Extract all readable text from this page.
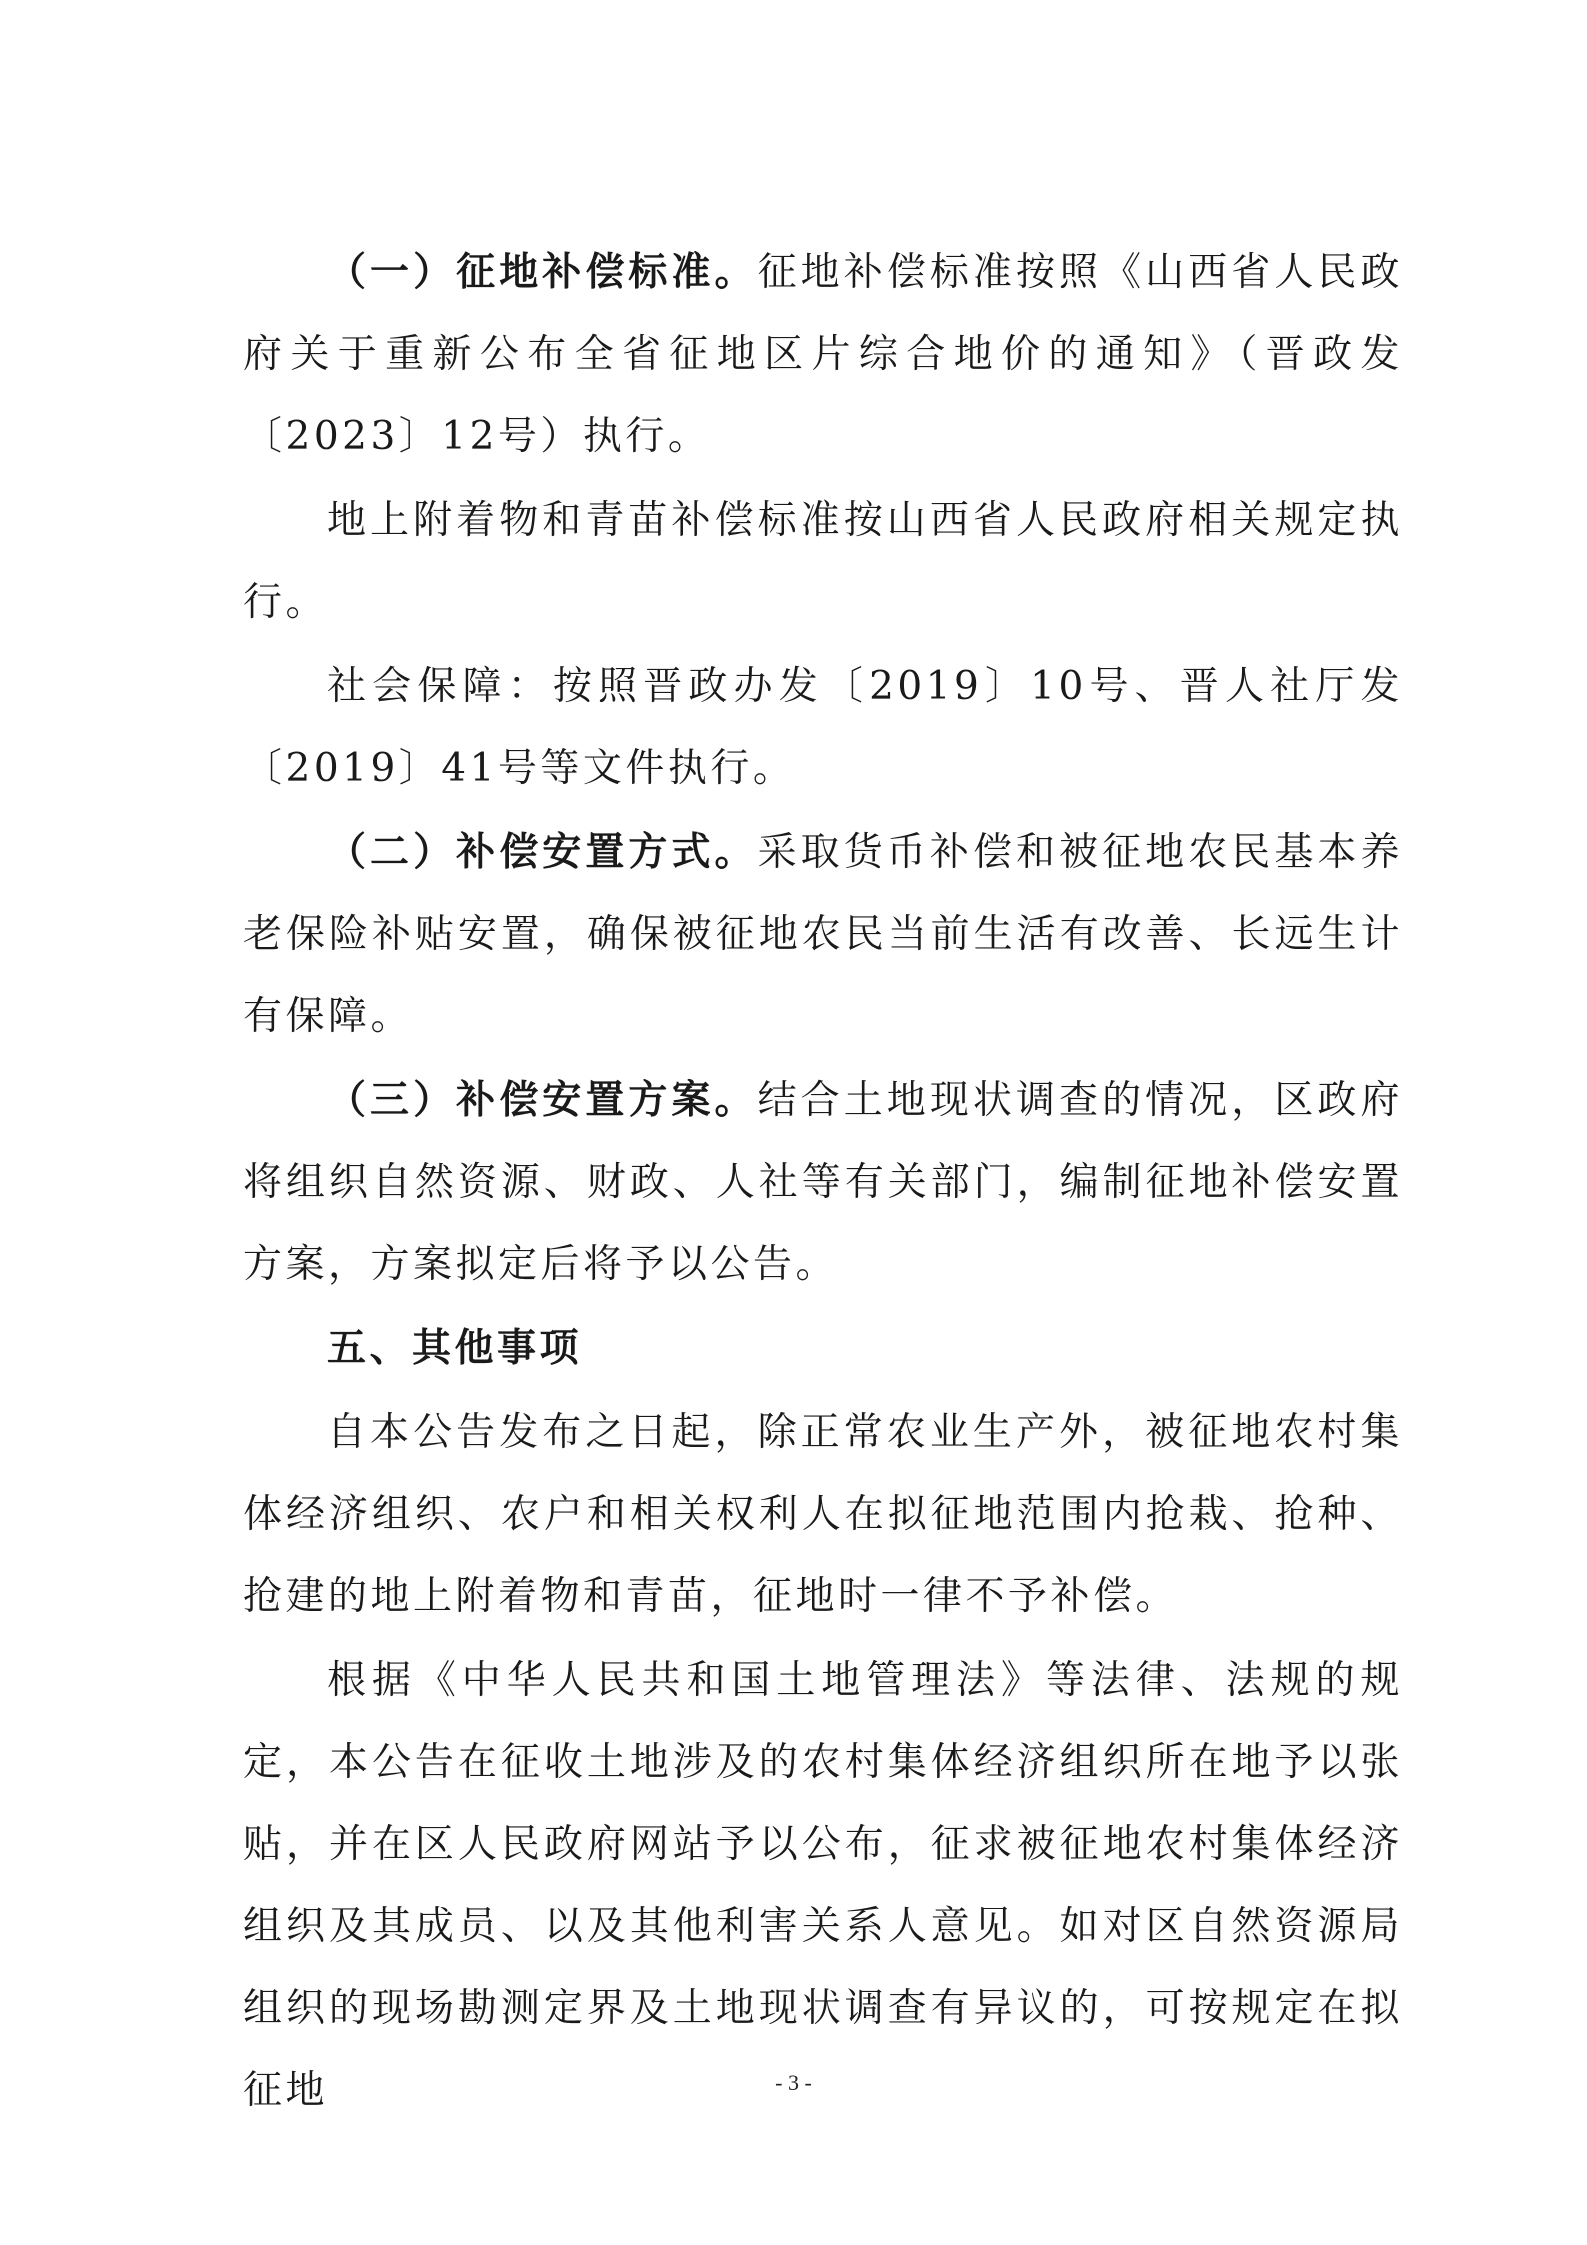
（一）征地补偿标准。征地补偿标准按照《山西省人民政府关于重新公布全省征地区片综合地价的通知》（晋政发〔2023〕12号）执行。

地上附着物和青苗补偿标准按山西省人民政府相关规定执行。

社会保障：按照晋政办发〔2019〕10号、晋人社厅发〔2019〕41号等文件执行。

（二）补偿安置方式。采取货币补偿和被征地农民基本养老保险补贴安置，确保被征地农民当前生活有改善、长远生计有保障。

（三）补偿安置方案。结合土地现状调查的情况，区政府将组织自然资源、财政、人社等有关部门，编制征地补偿安置方案，方案拟定后将予以公告。

五、其他事项

自本公告发布之日起，除正常农业生产外，被征地农村集体经济组织、农户和相关权利人在拟征地范围内抢栽、抢种、抢建的地上附着物和青苗，征地时一律不予补偿。

根据《中华人民共和国土地管理法》等法律、法规的规定，本公告在征收土地涉及的农村集体经济组织所在地予以张贴，并在区人民政府网站予以公布，征求被征地农村集体经济组织及其成员、以及其他利害关系人意见。如对区自然资源局组织的现场勘测定界及土地现状调查有异议的，可按规定在拟征地	- 3 -
